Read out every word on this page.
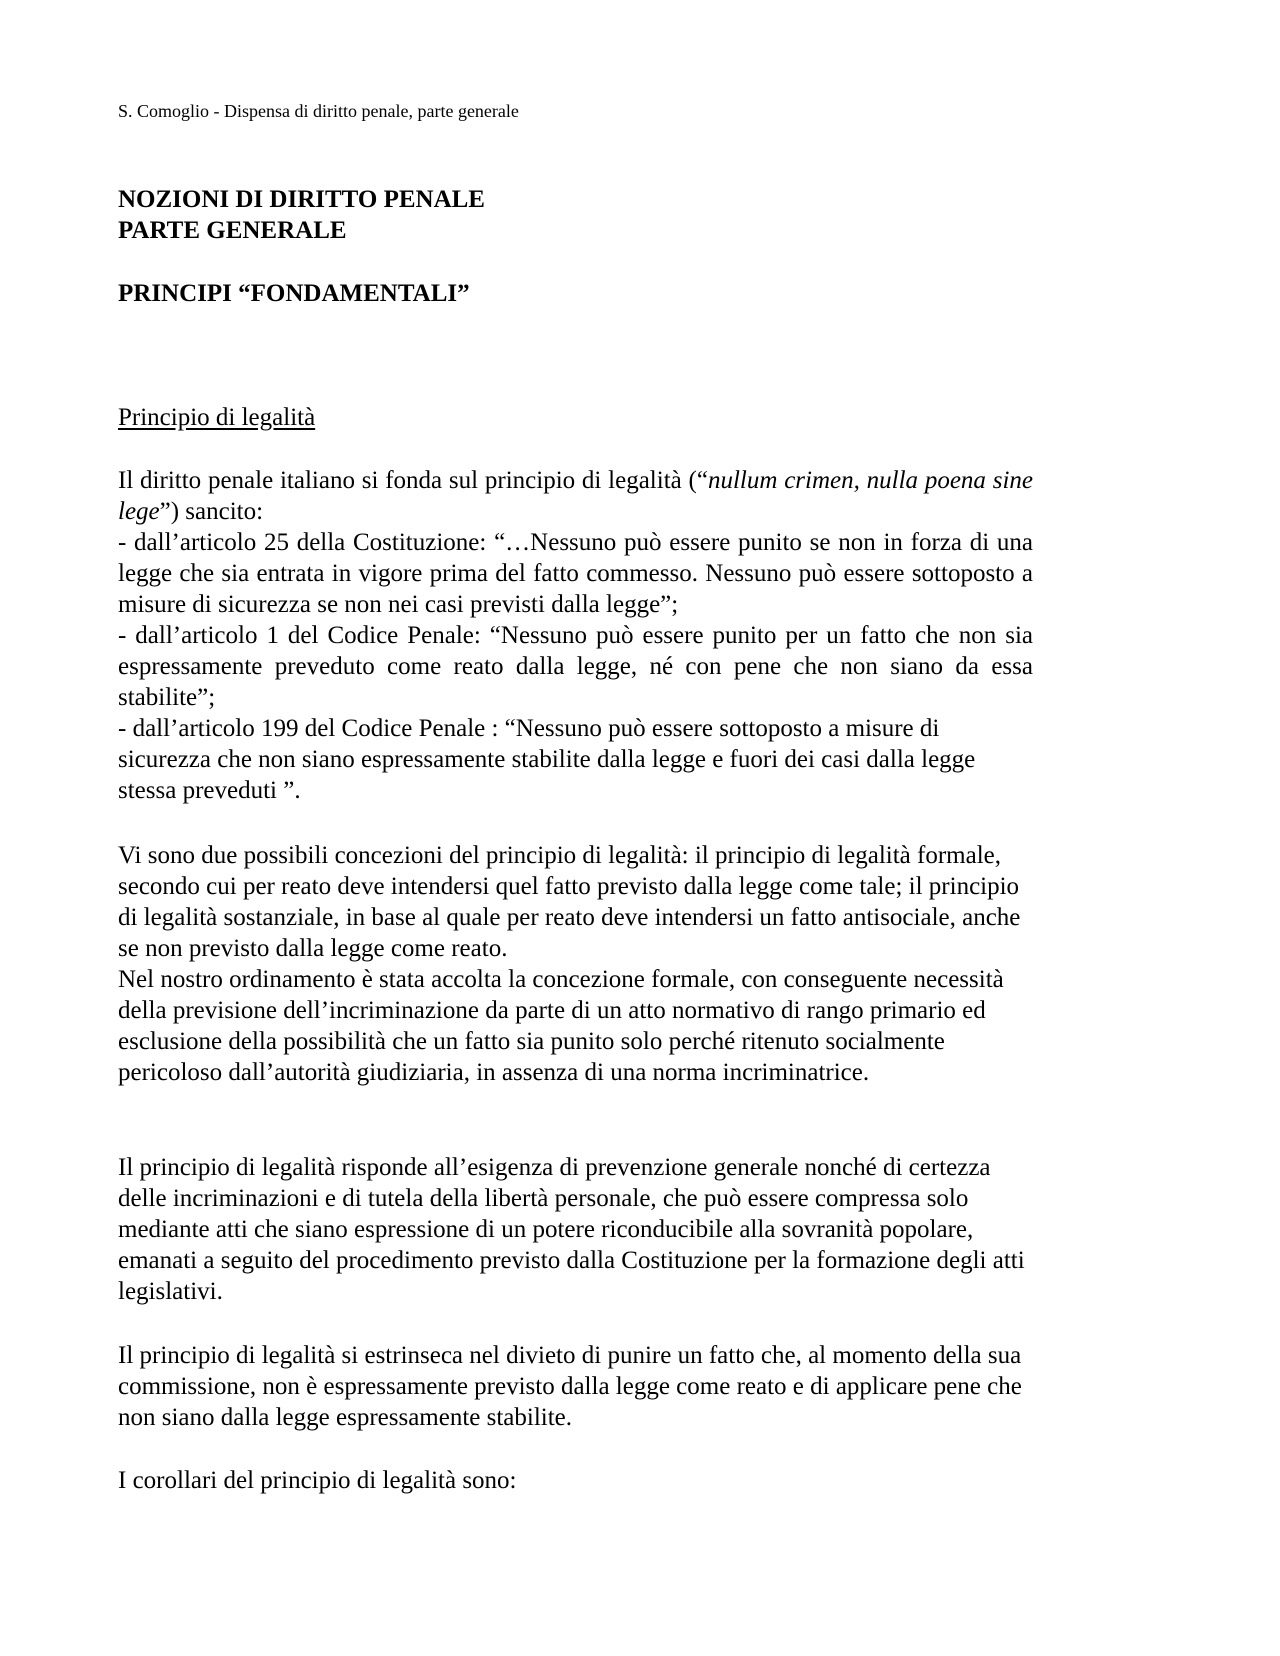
S. Comoglio - Dispensa di diritto penale, parte generale
NOZIONI DI DIRITTO PENALE
PARTE GENERALE
PRINCIPI “FONDAMENTALI”
Principio di legalità

Il diritto penale italiano si fonda sul principio di legalità (“nullum crimen, nulla poena sine lege”) sancito:

- dall’articolo 25 della Costituzione: “…Nessuno può essere punito se non in forza di una legge che sia entrata in vigore prima del fatto commesso. Nessuno può essere sottoposto a misure di sicurezza se non nei casi previsti dalla legge”;

- dall’articolo 1 del Codice Penale: “Nessuno può essere punito per un fatto che non sia espressamente preveduto come reato dalla legge, né con pene che non siano da essa stabilite”;

- dall’articolo 199 del Codice Penale : “Nessuno può essere sottoposto a misure di sicurezza che non siano espressamente stabilite dalla legge e fuori dei casi dalla legge stessa preveduti ”.

Vi sono due possibili concezioni del principio di legalità: il principio di legalità formale, secondo cui per reato deve intendersi quel fatto previsto dalla legge come tale; il principio di legalità sostanziale, in base al quale per reato deve intendersi un fatto antisociale, anche se non previsto dalla legge come reato.

Nel nostro ordinamento è stata accolta la concezione formale, con conseguente necessità della previsione dell’incriminazione da parte di un atto normativo di rango primario ed esclusione della possibilità che un fatto sia punito solo perché ritenuto socialmente pericoloso dall’autorità giudiziaria, in assenza di una norma incriminatrice.

Il principio di legalità risponde all’esigenza di prevenzione generale nonché di certezza delle incriminazioni e di tutela della libertà personale, che può essere compressa solo mediante atti che siano espressione di un potere riconducibile alla sovranità popolare, emanati a seguito del procedimento previsto dalla Costituzione per la formazione degli atti legislativi.

Il principio di legalità si estrinseca nel divieto di punire un fatto che, al momento della sua commissione, non è espressamente previsto dalla legge come reato e di applicare pene che non siano dalla legge espressamente stabilite.

I corollari del principio di legalità sono:
